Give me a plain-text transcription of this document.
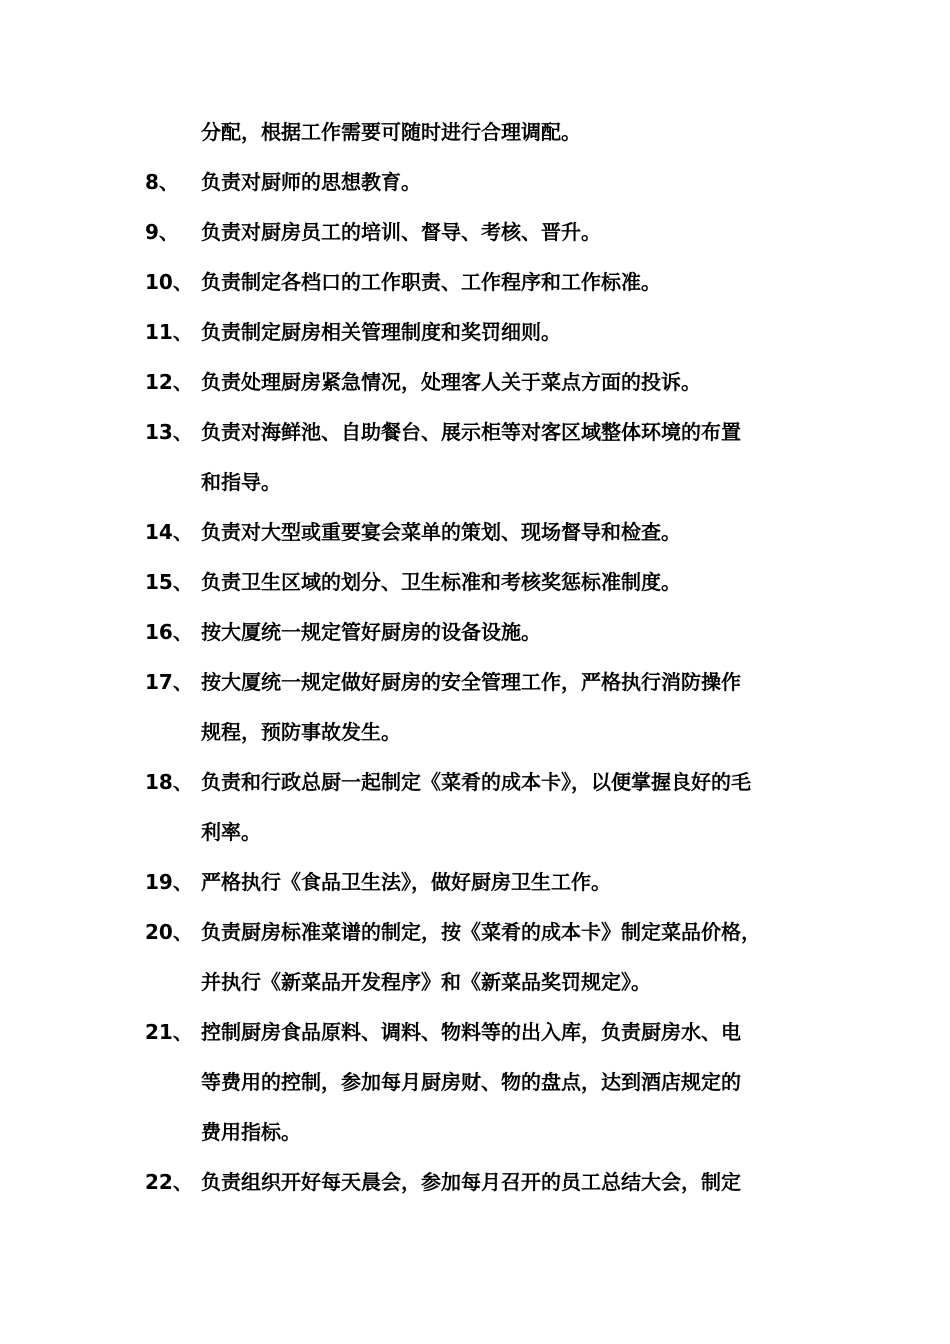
分配，根据工作需要可随时进行合理调配。
8、 负责对厨师的思想教育。
9、 负责对厨房员工的培训、督导、考核、晋升。
10、 负责制定各档口的工作职责、工作程序和工作标准。
11、 负责制定厨房相关管理制度和奖罚细则。
12、 负责处理厨房紧急情况，处理客人关于菜点方面的投诉。
13、 负责对海鲜池、自助餐台、展示柜等对客区域整体环境的布置
和指导。
14、 负责对大型或重要宴会菜单的策划、现场督导和检查。
15、 负责卫生区域的划分、卫生标准和考核奖惩标准制度。
16、 按大厦统一规定管好厨房的设备设施。
17、 按大厦统一规定做好厨房的安全管理工作，严格执行消防操作
规程，预防事故发生。
18、 负责和行政总厨一起制定《菜肴的成本卡》，以便掌握良好的毛
利率。
19、 严格执行《食品卫生法》，做好厨房卫生工作。
20、 负责厨房标准菜谱的制定，按《菜肴的成本卡》制定菜品价格，
并执行《新菜品开发程序》和《新菜品奖罚规定》。
21、 控制厨房食品原料、调料、物料等的出入库，负责厨房水、电
等费用的控制，参加每月厨房财、物的盘点，达到酒店规定的
费用指标。
22、 负责组织开好每天晨会，参加每月召开的员工总结大会，制定
